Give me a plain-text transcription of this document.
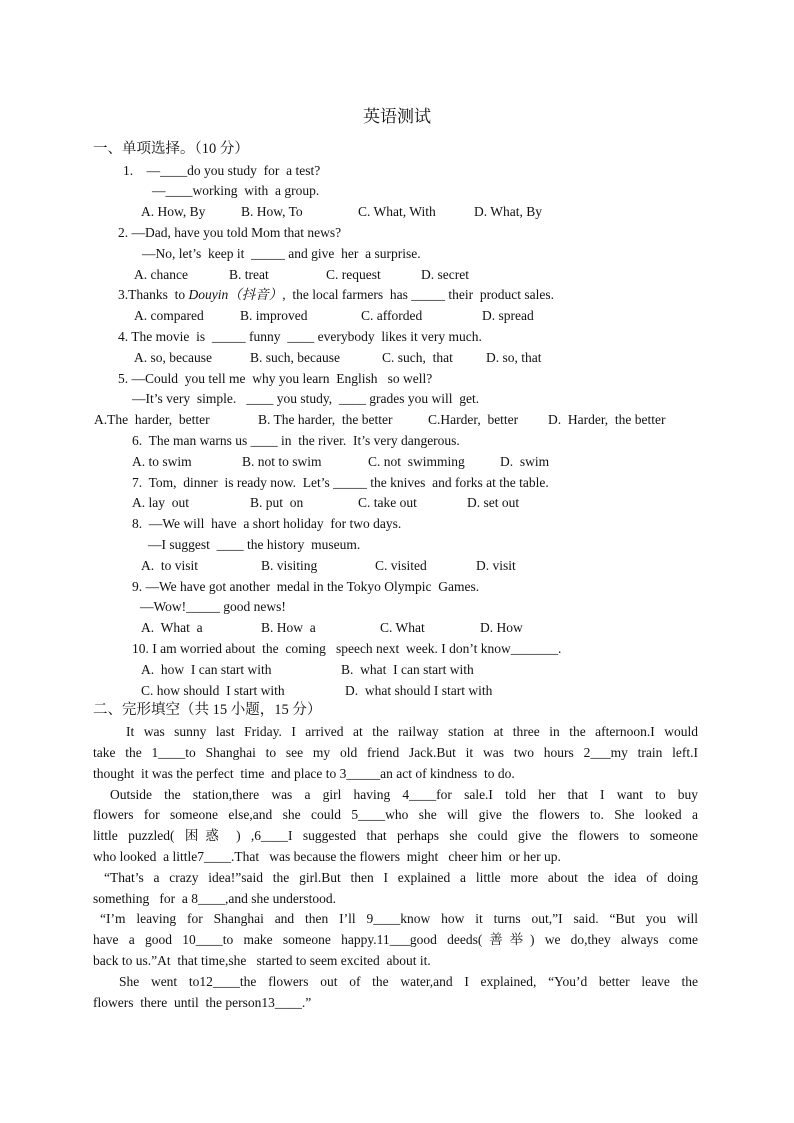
英语测试
一、单项选择。（10 分）
1.    —____do you study  for  a test?
—____working  with  a group.
A. How, By	B. How, To	C. What, With	D. What, By
2. —Dad, have you told Mom that news?
—No, let’s  keep it  _____ and give  her  a surprise.
A. chance	B. treat	C. request	D. secret
3.Thanks  to Douyin（抖音）,  the local farmers  has _____ their  product sales.
A. compared	B. improved	C. afforded	D. spread
4. The movie  is  _____ funny  ____ everybody  likes it very much.
A. so, because	B. such, because	C. such,  that D. so, that
5. —Could  you tell me  why you learn  English   so well?
—It’s very  simple.   ____ you study,  ____ grades you will  get.
A.The  harder,  better	B. The harder,  the better	C.Harder,  better D.  Harder,  the better
6.  The man warns us ____ in  the river.  It’s very dangerous.
A. to swim	B. not to swim	C. not  swimming	D.  swim
7.  Tom,  dinner  is ready now.  Let’s _____ the knives  and forks at the table.
A. lay  out	B. put  on	C. take out	D. set out
8.  —We will  have  a short holiday  for two days.
—I suggest  ____ the history  museum.
A.  to visit	B. visiting	C. visited	D. visit
9. —We have got another  medal in the Tokyo Olympic  Games.
—Wow!_____ good news!
A.  What  a	B. How  a	C. What	D. How
10. I am worried about  the  coming   speech next  week. I don’t know_______.
A.  how  I can start with	B.  what  I can start with
C. how should  I start with	D.  what should I start with
二、完形填空（共 15 小题，15 分）
It was sunny last Friday. I arrived at the railway station at three in the afternoon.I would
take the 1____to Shanghai to see my old friend Jack.But it was two hours 2___my train left.I
thought  it was the perfect  time  and place to 3_____an act of kindness  to do.
Outside the station,there was a girl having 4____for sale.I told her that I want to buy
flowers for someone else,and she could 5____who she will give the flowers to. She looked a
little puzzled( 困惑 ) ,6____I suggested that perhaps she could give the flowers to someone
who looked  a little7____.That   was because the flowers  might   cheer him  or her up.
“That’s a crazy idea!”said the girl.But then I explained a little more about the idea of doing
something   for  a 8____,and she understood.
“I’m leaving for Shanghai and then I’ll 9____know how it turns out,”I said. “But you will
have a good 10____to make someone happy.11___good deeds(善举) we do,they always come
back to us.”At  that time,she   started to seem excited  about it.
She went to12____the flowers out of the water,and I explained, “You’d better leave the
flowers  there  until  the person13____.”
